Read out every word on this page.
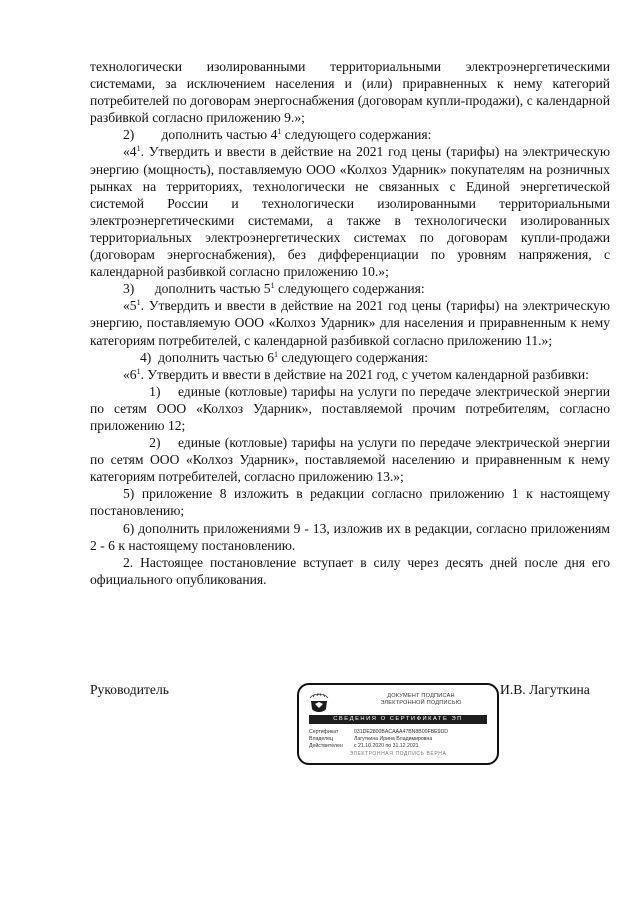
технологически изолированными территориальными электроэнергетическими системами, за исключением населения и (или) приравненных к нему категорий потребителей по договорам энергоснабжения (договорам купли-продажи), с календарной разбивкой согласно приложению 9.»;

2)        дополнить частью $4^1$ следующего содержания:

«$4^1$. Утвердить и ввести в действие на 2021 год цены (тарифы) на электрическую энергию (мощность), поставляемую ООО «Колхоз Ударник» покупателям на розничных рынках на территориях, технологически не связанных с Единой энергетической системой России и технологически изолированными территориальными электроэнергетическими системами, а также в технологически изолированных территориальных электроэнергетических системах по договорам купли-продажи (договорам энергоснабжения), без дифференциации по уровням напряжения, с календарной разбивкой согласно приложению 10.»;

3)      дополнить частью $5^1$ следующего содержания:

«$5^1$. Утвердить и ввести в действие на 2021 год цены (тарифы) на электрическую энергию, поставляемую ООО «Колхоз Ударник» для населения и приравненным к нему категориям потребителей, с календарной разбивкой согласно приложению 11.»;

4)  дополнить частью $6^1$ следующего содержания:

«$6^1$. Утвердить и ввести в действие на 2021 год, с учетом календарной разбивки:

1)    единые (котловые) тарифы на услуги по передаче электрической энергии по сетям ООО «Колхоз Ударник», поставляемой прочим потребителям, согласно приложению 12;

2)    единые (котловые) тарифы на услуги по передаче электрической энергии по сетям ООО «Колхоз Ударник», поставляемой населению и приравненным к нему категориям потребителей, согласно приложению 13.»;

5) приложение 8 изложить в редакции согласно приложению 1 к настоящему постановлению;

6) дополнить приложениями 9 - 13, изложив их в редакции, согласно приложениям 2 - 6 к настоящему постановлению.

2. Настоящее постановление вступает в силу через десять дней после дня его официального опубликования.

Руководитель	И.В. Лагуткина
ДОКУМЕНТ ПОДПИСАН
ЭЛЕКТРОННОЙ ПОДПИСЬЮ
СВЕДЕНИЯ О СЕРТИФИКАТЕ ЭП
Сертификат	031DE2800BACAAA47BN8B00FBE9DD
Владелец	Лагуткина Ирина Владимировна
Действителен	с 21.10.2020 по 31.12.2021
ЭЛЕКТРОННАЯ ПОДПИСЬ ВЕРНА
